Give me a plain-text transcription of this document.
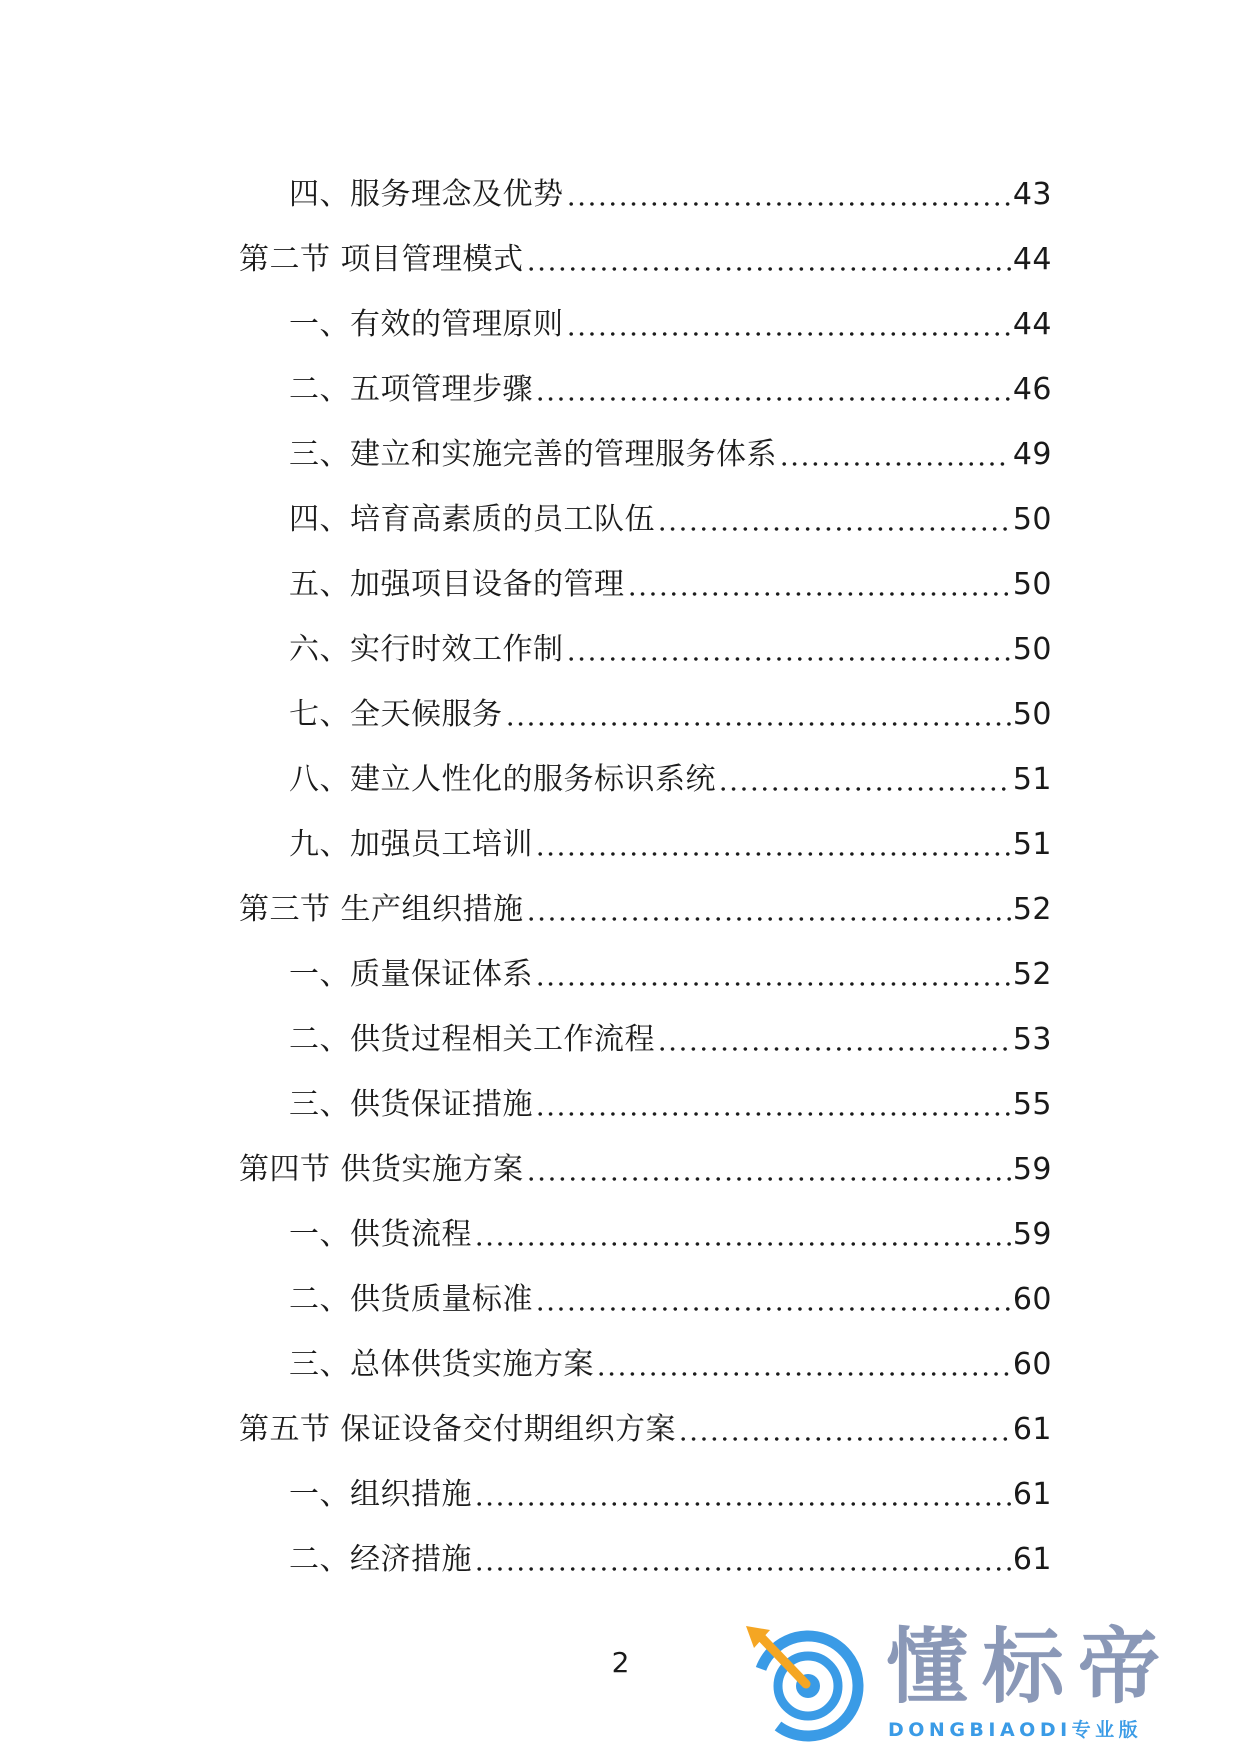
四、服务理念及优势	43
第二节 项目管理模式	44
一、有效的管理原则	44
二、五项管理步骤	46
三、建立和实施完善的管理服务体系	49
四、培育高素质的员工队伍	50
五、加强项目设备的管理	50
六、实行时效工作制	50
七、全天候服务	50
八、建立人性化的服务标识系统	51
九、加强员工培训	51
第三节 生产组织措施	52
一、质量保证体系	52
二、供货过程相关工作流程	53
三、供货保证措施	55
第四节 供货实施方案	59
一、供货流程	59
二、供货质量标准	60
三、总体供货实施方案	60
第五节 保证设备交付期组织方案	61
一、组织措施	61
二、经济措施	61
2	懂标帝
DONGBIAODI专业版
